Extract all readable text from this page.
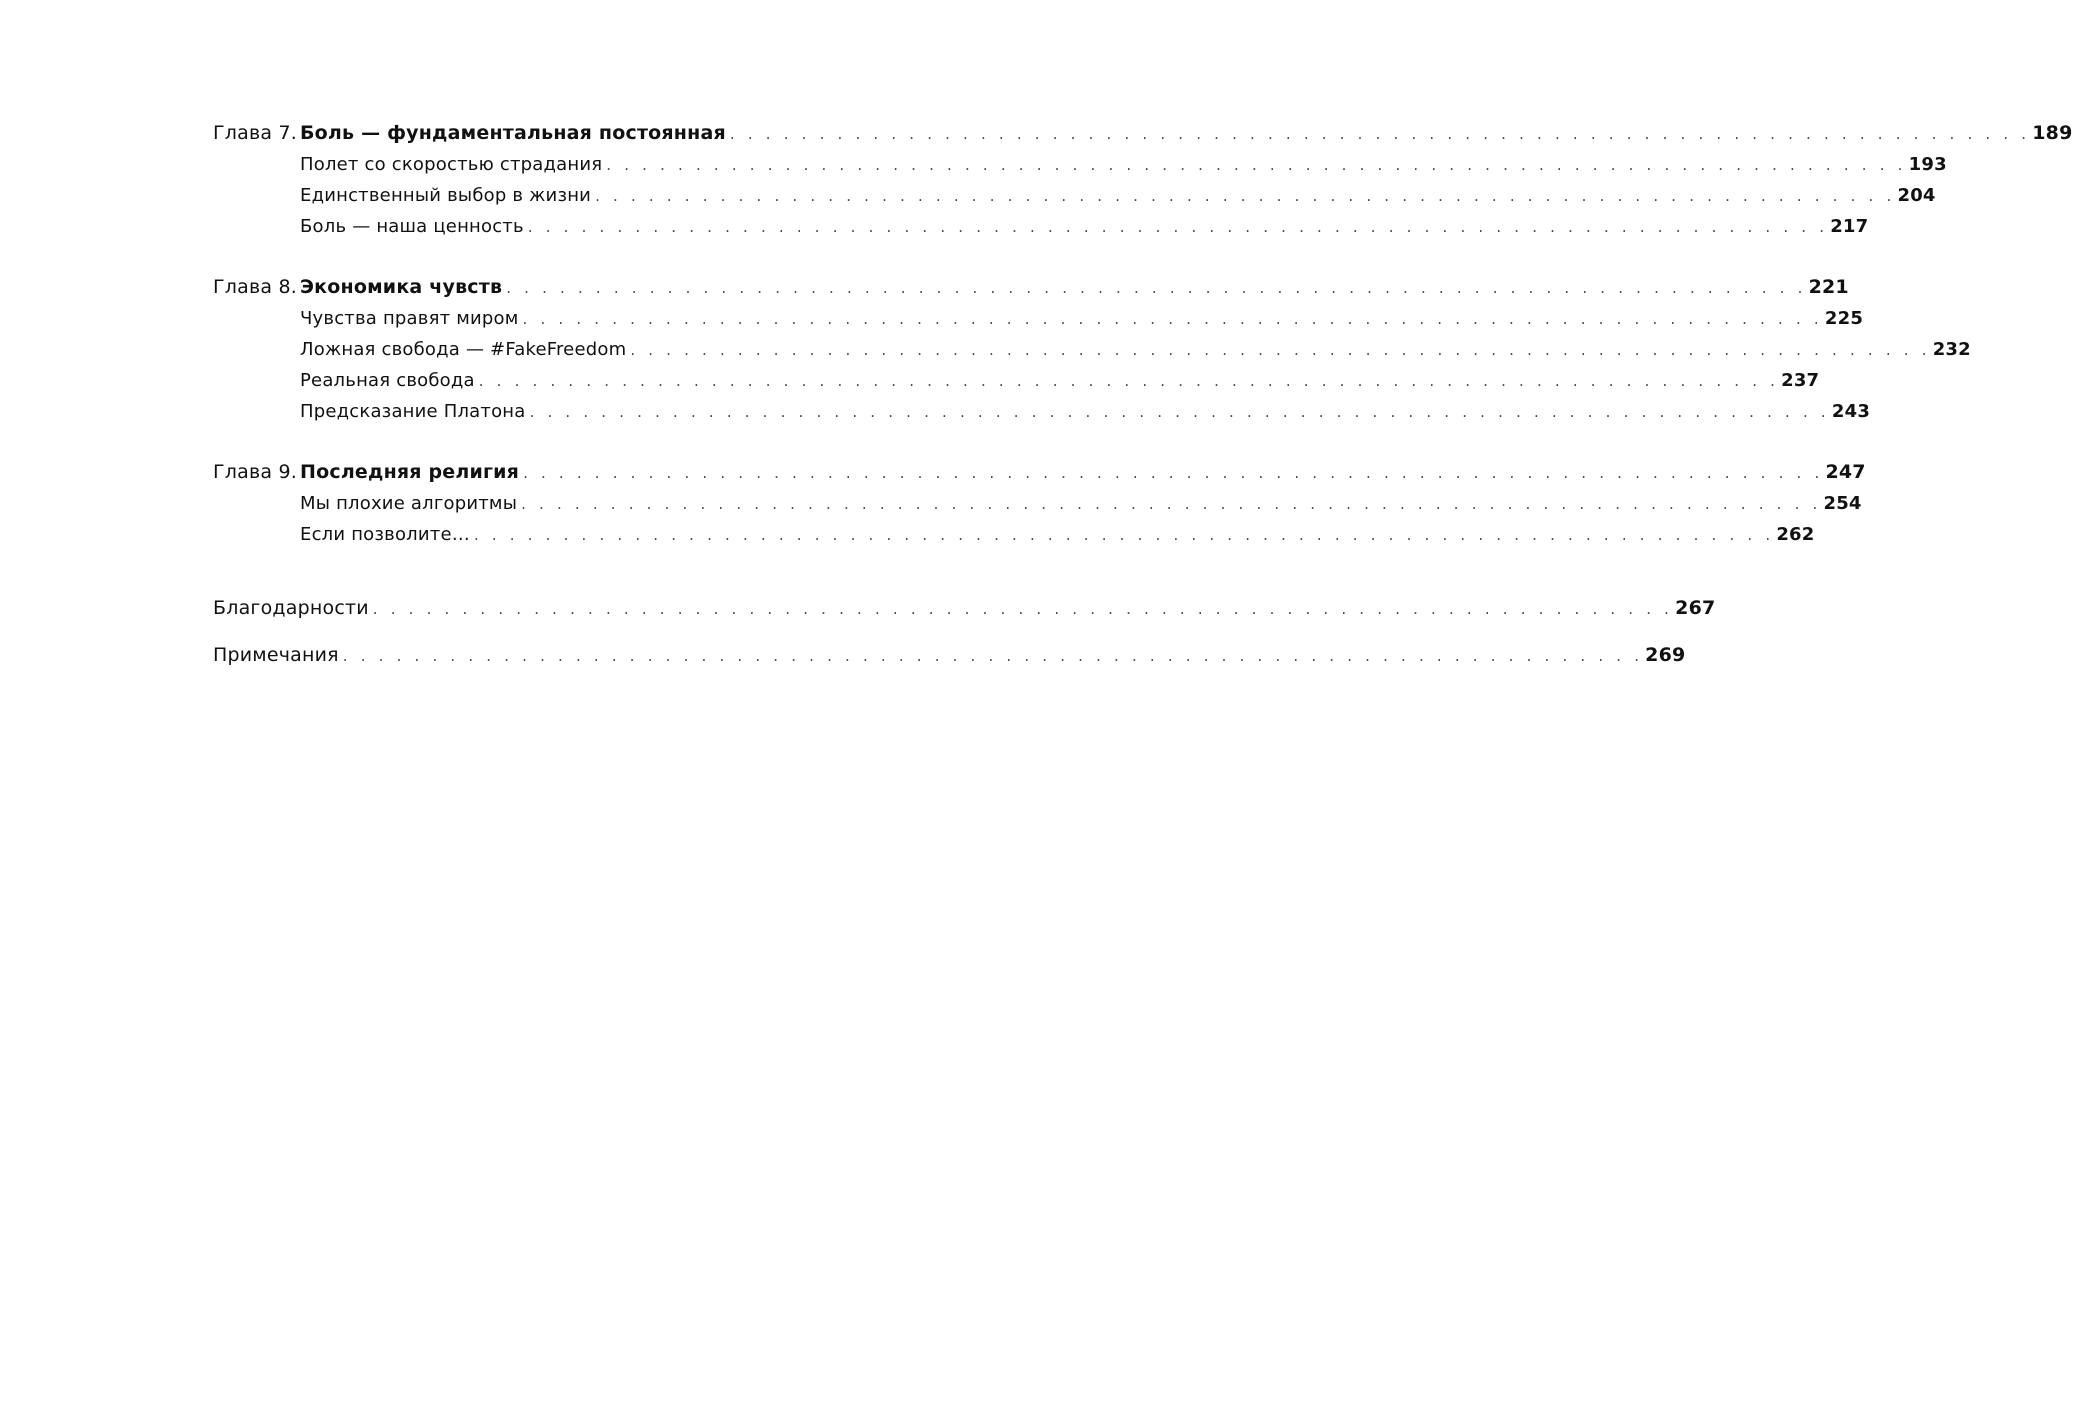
Глава 7. Боль — фундаментальная постоянная . . . . . . . . . . . . . . . . . . . . . . . . . . . . . . . . . . . . . . . . . . . . . . . . . . . . . . . . . . . . . . . . . . . . . . . . . 189
Полет со скоростью страдания . . . . . . . . . . . . . . . . . . . . . . . . . . . . . . . . . . . . . . . . . . . . . . . . . . . . . . . . . . . . . . . . . . . . . . . . . 193
Единственный выбор в жизни . . . . . . . . . . . . . . . . . . . . . . . . . . . . . . . . . . . . . . . . . . . . . . . . . . . . . . . . . . . . . . . . . . . . . . . . . 204
Боль — наша ценность . . . . . . . . . . . . . . . . . . . . . . . . . . . . . . . . . . . . . . . . . . . . . . . . . . . . . . . . . . . . . . . . . . . . . . . . . 217
Глава 8. Экономика чувств . . . . . . . . . . . . . . . . . . . . . . . . . . . . . . . . . . . . . . . . . . . . . . . . . . . . . . . . . . . . . . . . . . . . . . . . . 221
Чувства правят миром . . . . . . . . . . . . . . . . . . . . . . . . . . . . . . . . . . . . . . . . . . . . . . . . . . . . . . . . . . . . . . . . . . . . . . . . . 225
Ложная свобода — #FakeFreedom . . . . . . . . . . . . . . . . . . . . . . . . . . . . . . . . . . . . . . . . . . . . . . . . . . . . . . . . . . . . . . . . . . . . . . . . . 232
Реальная свобода . . . . . . . . . . . . . . . . . . . . . . . . . . . . . . . . . . . . . . . . . . . . . . . . . . . . . . . . . . . . . . . . . . . . . . . . . 237
Предсказание Платона . . . . . . . . . . . . . . . . . . . . . . . . . . . . . . . . . . . . . . . . . . . . . . . . . . . . . . . . . . . . . . . . . . . . . . . . . 243
Глава 9. Последняя религия . . . . . . . . . . . . . . . . . . . . . . . . . . . . . . . . . . . . . . . . . . . . . . . . . . . . . . . . . . . . . . . . . . . . . . . . . 247
Мы плохие алгоритмы . . . . . . . . . . . . . . . . . . . . . . . . . . . . . . . . . . . . . . . . . . . . . . . . . . . . . . . . . . . . . . . . . . . . . . . . . 254
Если позволите… . . . . . . . . . . . . . . . . . . . . . . . . . . . . . . . . . . . . . . . . . . . . . . . . . . . . . . . . . . . . . . . . . . . . . . . . . 262
Благодарности . . . . . . . . . . . . . . . . . . . . . . . . . . . . . . . . . . . . . . . . . . . . . . . . . . . . . . . . . . . . . . . . . . . . . . . . . 267
Примечания . . . . . . . . . . . . . . . . . . . . . . . . . . . . . . . . . . . . . . . . . . . . . . . . . . . . . . . . . . . . . . . . . . . . . . . . . 269
